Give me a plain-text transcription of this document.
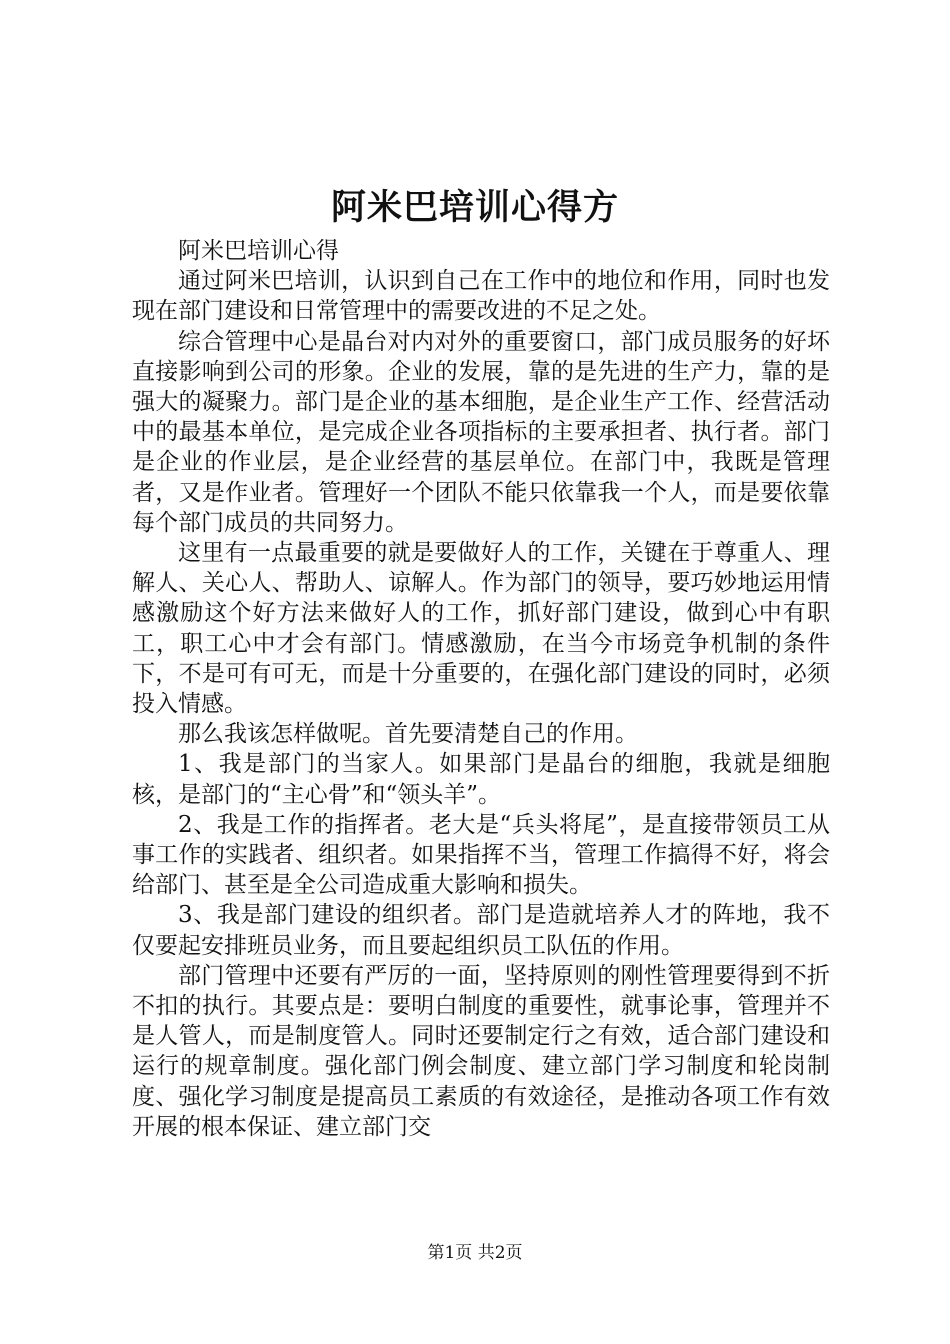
阿米巴培训心得方

阿米巴培训心得

通过阿米巴培训，认识到自己在工作中的地位和作用，同时也发现在部门建设和日常管理中的需要改进的不足之处。

综合管理中心是晶台对内对外的重要窗口，部门成员服务的好坏直接影响到公司的形象。企业的发展，靠的是先进的生产力，靠的是强大的凝聚力。部门是企业的基本细胞，是企业生产工作、经营活动中的最基本单位，是完成企业各项指标的主要承担者、执行者。部门是企业的作业层，是企业经营的基层单位。在部门中，我既是管理者，又是作业者。管理好一个团队不能只依靠我一个人，而是要依靠每个部门成员的共同努力。

这里有一点最重要的就是要做好人的工作，关键在于尊重人、理解人、关心人、帮助人、谅解人。作为部门的领导，要巧妙地运用情感激励这个好方法来做好人的工作，抓好部门建设，做到心中有职工，职工心中才会有部门。情感激励，在当今市场竞争机制的条件下，不是可有可无，而是十分重要的，在强化部门建设的同时，必须投入情感。

那么我该怎样做呢。首先要清楚自己的作用。

1、我是部门的当家人。如果部门是晶台的细胞，我就是细胞核，是部门的“主心骨”和“领头羊”。

2、我是工作的指挥者。老大是“兵头将尾”，是直接带领员工从事工作的实践者、组织者。如果指挥不当，管理工作搞得不好，将会给部门、甚至是全公司造成重大影响和损失。

3、我是部门建设的组织者。部门是造就培养人才的阵地，我不仅要起安排班员业务，而且要起组织员工队伍的作用。

部门管理中还要有严厉的一面，坚持原则的刚性管理要得到不折不扣的执行。其要点是：要明白制度的重要性，就事论事，管理并不是人管人，而是制度管人。同时还要制定行之有效，适合部门建设和运行的规章制度。强化部门例会制度、建立部门学习制度和轮岗制度、强化学习制度是提高员工素质的有效途径，是推动各项工作有效开展的根本保证、建立部门交

第1页 共2页
